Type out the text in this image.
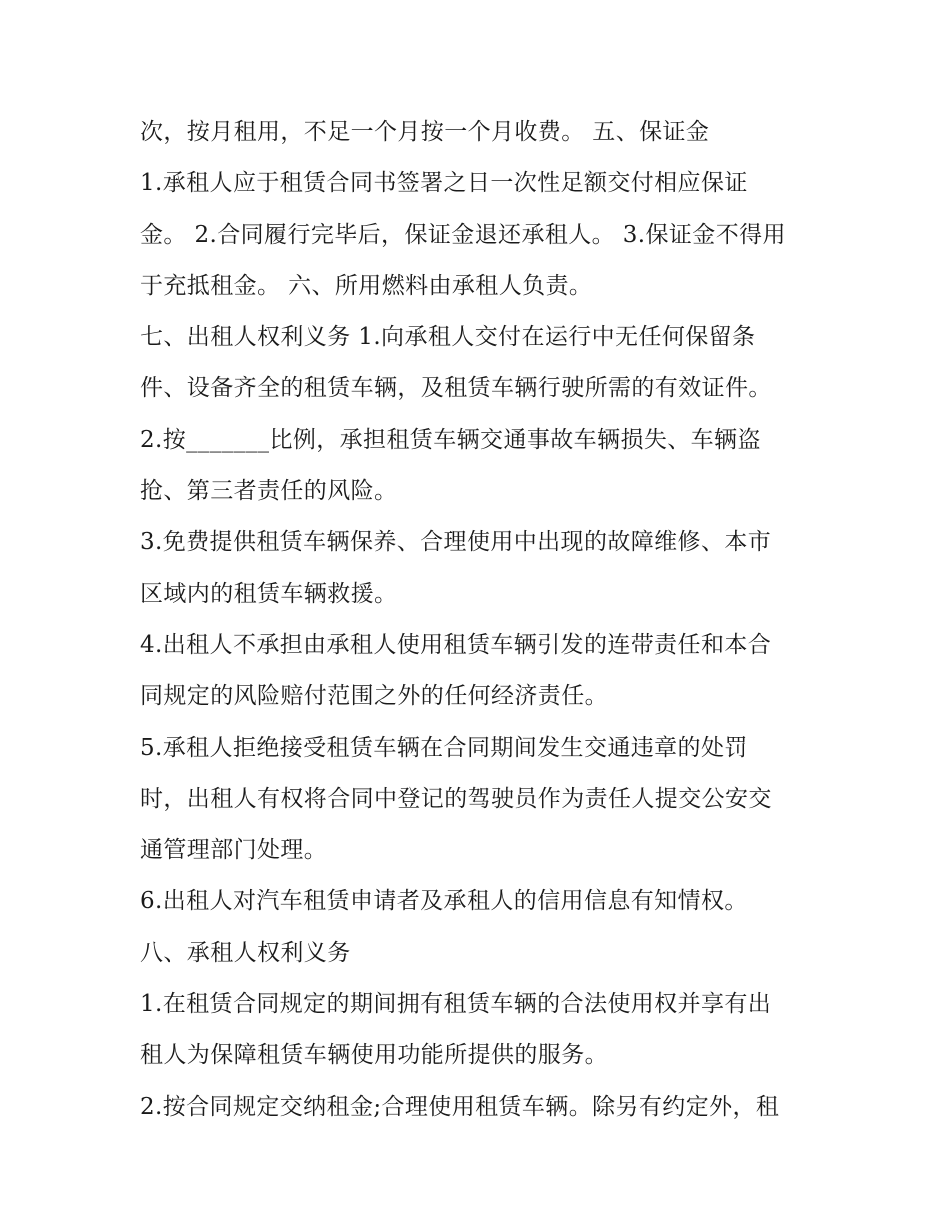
次，按月租用，不足一个月按一个月收费。 五、保证金
1.承租人应于租赁合同书签署之日一次性足额交付相应保证
金。 2.合同履行完毕后，保证金退还承租人。 3.保证金不得用
于充抵租金。 六、所用燃料由承租人负责。
七、出租人权利义务 1.向承租人交付在运行中无任何保留条
件、设备齐全的租赁车辆，及租赁车辆行驶所需的有效证件。
2.按_______比例，承担租赁车辆交通事故车辆损失、车辆盗
抢、第三者责任的风险。
3.免费提供租赁车辆保养、合理使用中出现的故障维修、本市
区域内的租赁车辆救援。
4.出租人不承担由承租人使用租赁车辆引发的连带责任和本合
同规定的风险赔付范围之外的任何经济责任。
5.承租人拒绝接受租赁车辆在合同期间发生交通违章的处罚
时，出租人有权将合同中登记的驾驶员作为责任人提交公安交
通管理部门处理。
6.出租人对汽车租赁申请者及承租人的信用信息有知情权。
八、承租人权利义务
1.在租赁合同规定的期间拥有租赁车辆的合法使用权并享有出
租人为保障租赁车辆使用功能所提供的服务。
2.按合同规定交纳租金;合理使用租赁车辆。除另有约定外，租
